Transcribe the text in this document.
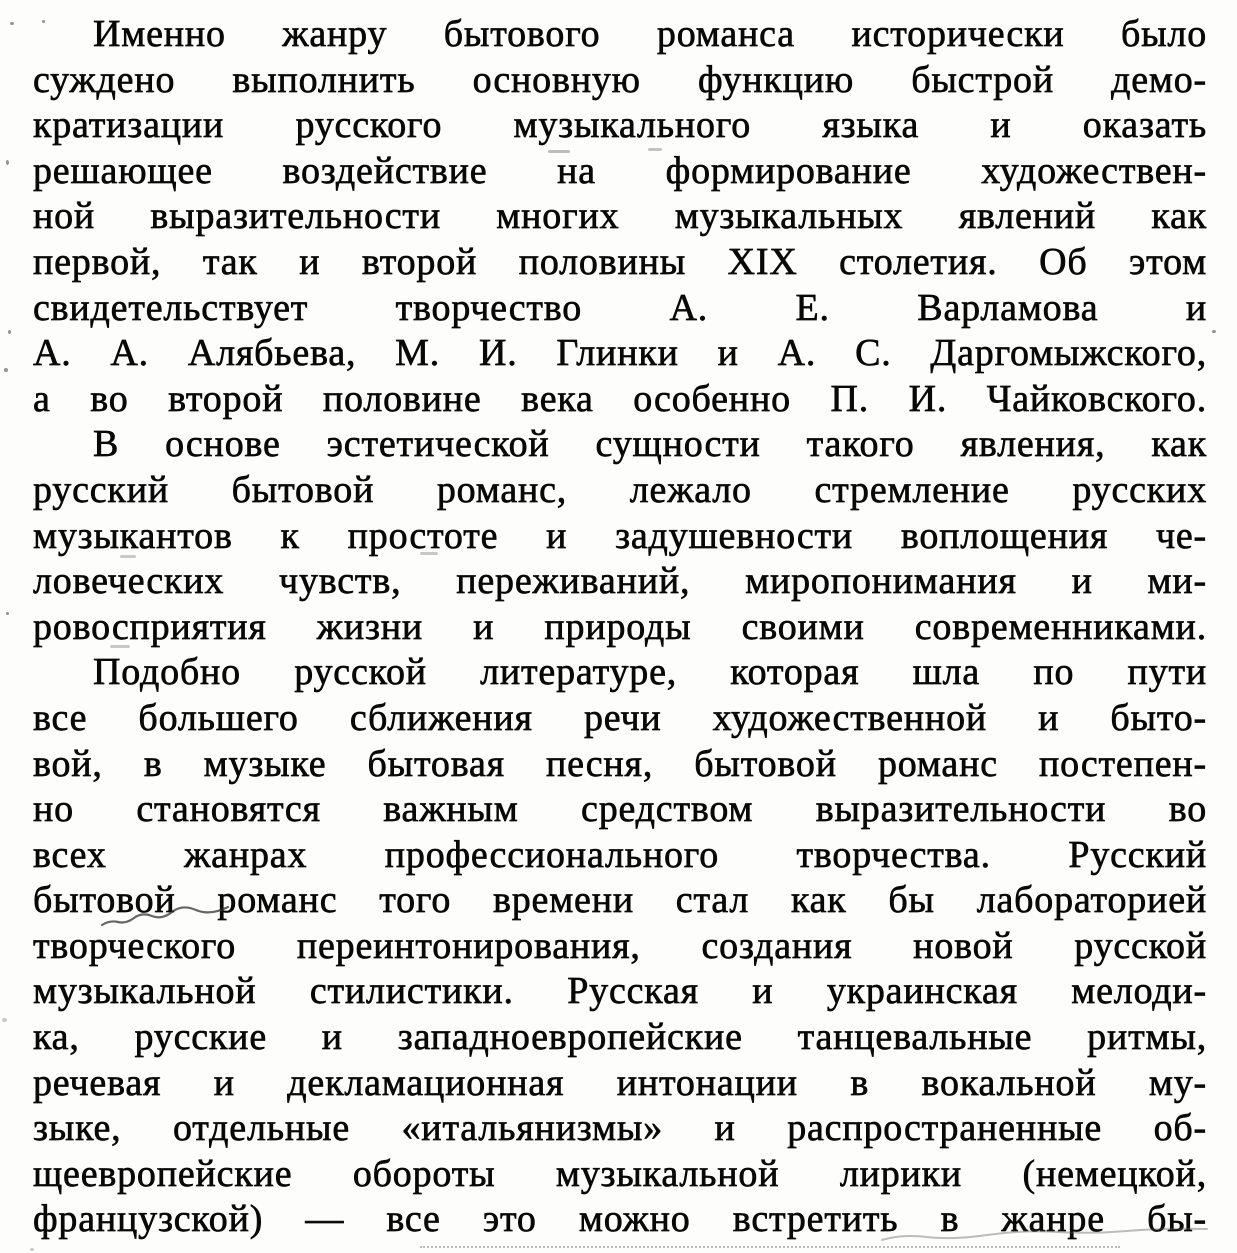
Именно жанру бытового романса исторически было
суждено выполнить основную функцию быстрой демо-
кратизации русского музыкального языка и оказать
решающее воздействие на формирование художествен-
ной выразительности многих музыкальных явлений как
первой, так и второй половины XIX столетия. Об этом
свидетельствует творчество А. Е. Варламова и
А. А. Алябьева, М. И. Глинки и А. С. Даргомыжского,
а во второй половине века особенно П. И. Чайковского.
В основе эстетической сущности такого явления, как
русский бытовой романс, лежало стремление русских
музыкантов к простоте и задушевности воплощения че-
ловеческих чувств, переживаний, миропонимания и ми-
ровосприятия жизни и природы своими современниками.
Подобно русской литературе, которая шла по пути
все большего сближения речи художественной и быто-
вой, в музыке бытовая песня, бытовой романс постепен-
но становятся важным средством выразительности во
всех жанрах профессионального творчества. Русский
бытовой романс того времени стал как бы лабораторией
творческого переинтонирования, создания новой русской
музыкальной стилистики. Русская и украинская мелоди-
ка, русские и западноевропейские танцевальные ритмы,
речевая и декламационная интонации в вокальной му-
зыке, отдельные «итальянизмы» и распространенные об-
щеевропейские обороты музыкальной лирики (немецкой,
французской) — все это можно встретить в жанре бы-
